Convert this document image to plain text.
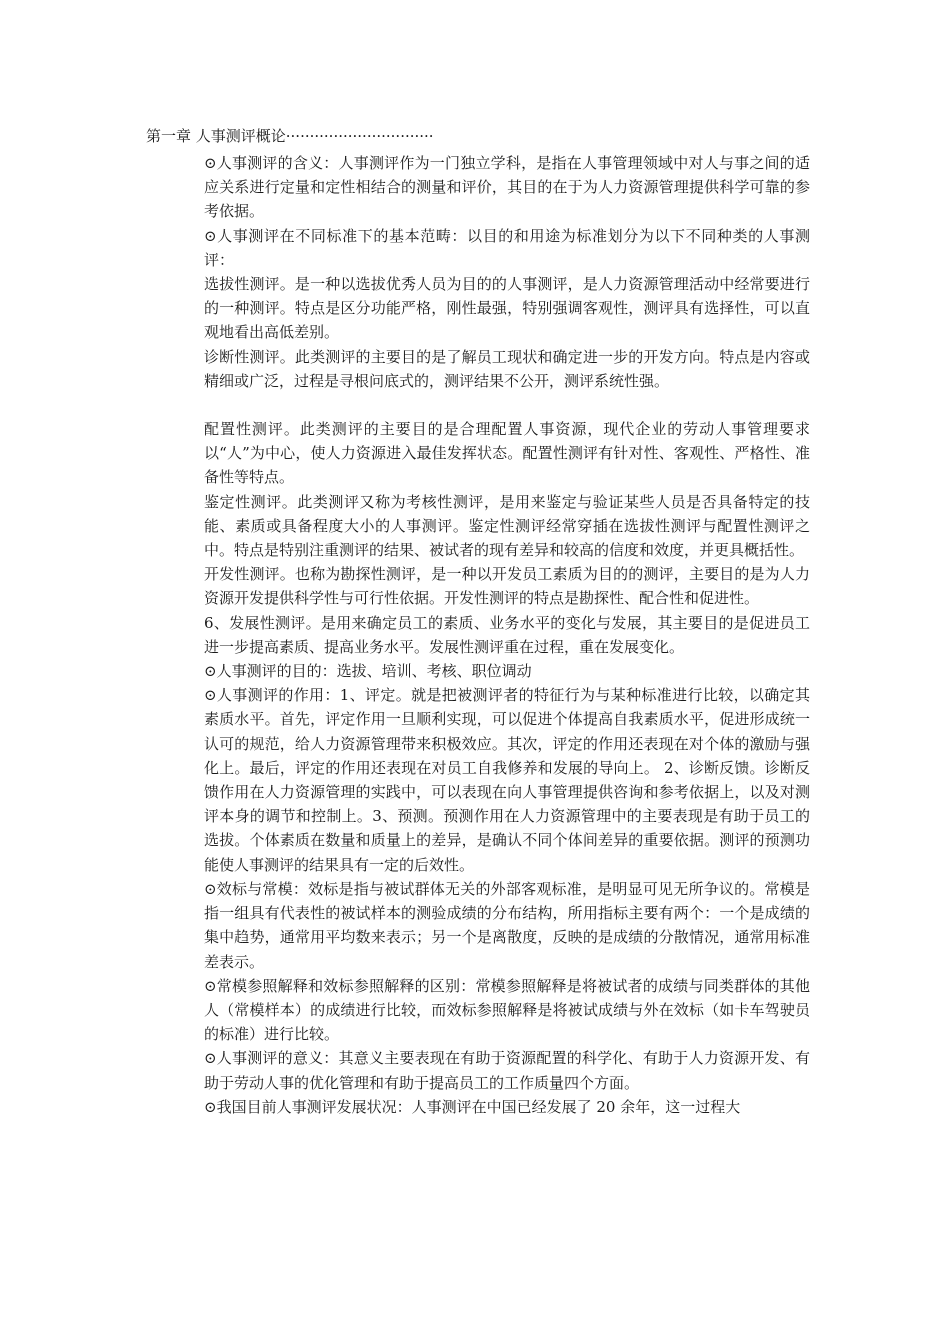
第一章 人事测评概论·······························

⊙人事测评的含义：人事测评作为一门独立学科，是指在人事管理领域中对人与事之间的适应关系进行定量和定性相结合的测量和评价，其目的在于为人力资源管理提供科学可靠的参考依据。

⊙人事测评在不同标准下的基本范畴：以目的和用途为标准划分为以下不同种类的人事测评：

选拔性测评。是一种以选拔优秀人员为目的的人事测评，是人力资源管理活动中经常要进行的一种测评。特点是区分功能严格，刚性最强，特别强调客观性，测评具有选择性，可以直观地看出高低差别。

诊断性测评。此类测评的主要目的是了解员工现状和确定进一步的开发方向。特点是内容或精细或广泛，过程是寻根问底式的，测评结果不公开，测评系统性强。

配置性测评。此类测评的主要目的是合理配置人事资源，现代企业的劳动人事管理要求以“人”为中心，使人力资源进入最佳发挥状态。配置性测评有针对性、客观性、严格性、准备性等特点。

鉴定性测评。此类测评又称为考核性测评，是用来鉴定与验证某些人员是否具备特定的技能、素质或具备程度大小的人事测评。鉴定性测评经常穿插在选拔性测评与配置性测评之中。特点是特别注重测评的结果、被试者的现有差异和较高的信度和效度，并更具概括性。

开发性测评。也称为勘探性测评，是一种以开发员工素质为目的的测评，主要目的是为人力资源开发提供科学性与可行性依据。开发性测评的特点是勘探性、配合性和促进性。

6、发展性测评。是用来确定员工的素质、业务水平的变化与发展，其主要目的是促进员工进一步提高素质、提高业务水平。发展性测评重在过程，重在发展变化。

⊙人事测评的目的：选拔、培训、考核、职位调动

⊙人事测评的作用：1、评定。就是把被测评者的特征行为与某种标准进行比较，以确定其素质水平。首先，评定作用一旦顺利实现，可以促进个体提高自我素质水平，促进形成统一认可的规范，给人力资源管理带来积极效应。其次，评定的作用还表现在对个体的激励与强化上。最后，评定的作用还表现在对员工自我修养和发展的导向上。 2、诊断反馈。诊断反馈作用在人力资源管理的实践中，可以表现在向人事管理提供咨询和参考依据上，以及对测评本身的调节和控制上。3、预测。预测作用在人力资源管理中的主要表现是有助于员工的选拔。个体素质在数量和质量上的差异，是确认不同个体间差异的重要依据。测评的预测功能使人事测评的结果具有一定的后效性。

⊙效标与常模：效标是指与被试群体无关的外部客观标准，是明显可见无所争议的。常模是指一组具有代表性的被试样本的测验成绩的分布结构，所用指标主要有两个：一个是成绩的集中趋势，通常用平均数来表示；另一个是离散度，反映的是成绩的分散情况，通常用标准差表示。

⊙常模参照解释和效标参照解释的区别：常模参照解释是将被试者的成绩与同类群体的其他人（常模样本）的成绩进行比较，而效标参照解释是将被试成绩与外在效标（如卡车驾驶员的标准）进行比较。

⊙人事测评的意义：其意义主要表现在有助于资源配置的科学化、有助于人力资源开发、有助于劳动人事的优化管理和有助于提高员工的工作质量四个方面。

⊙我国目前人事测评发展状况：人事测评在中国已经发展了 20 余年，这一过程大
